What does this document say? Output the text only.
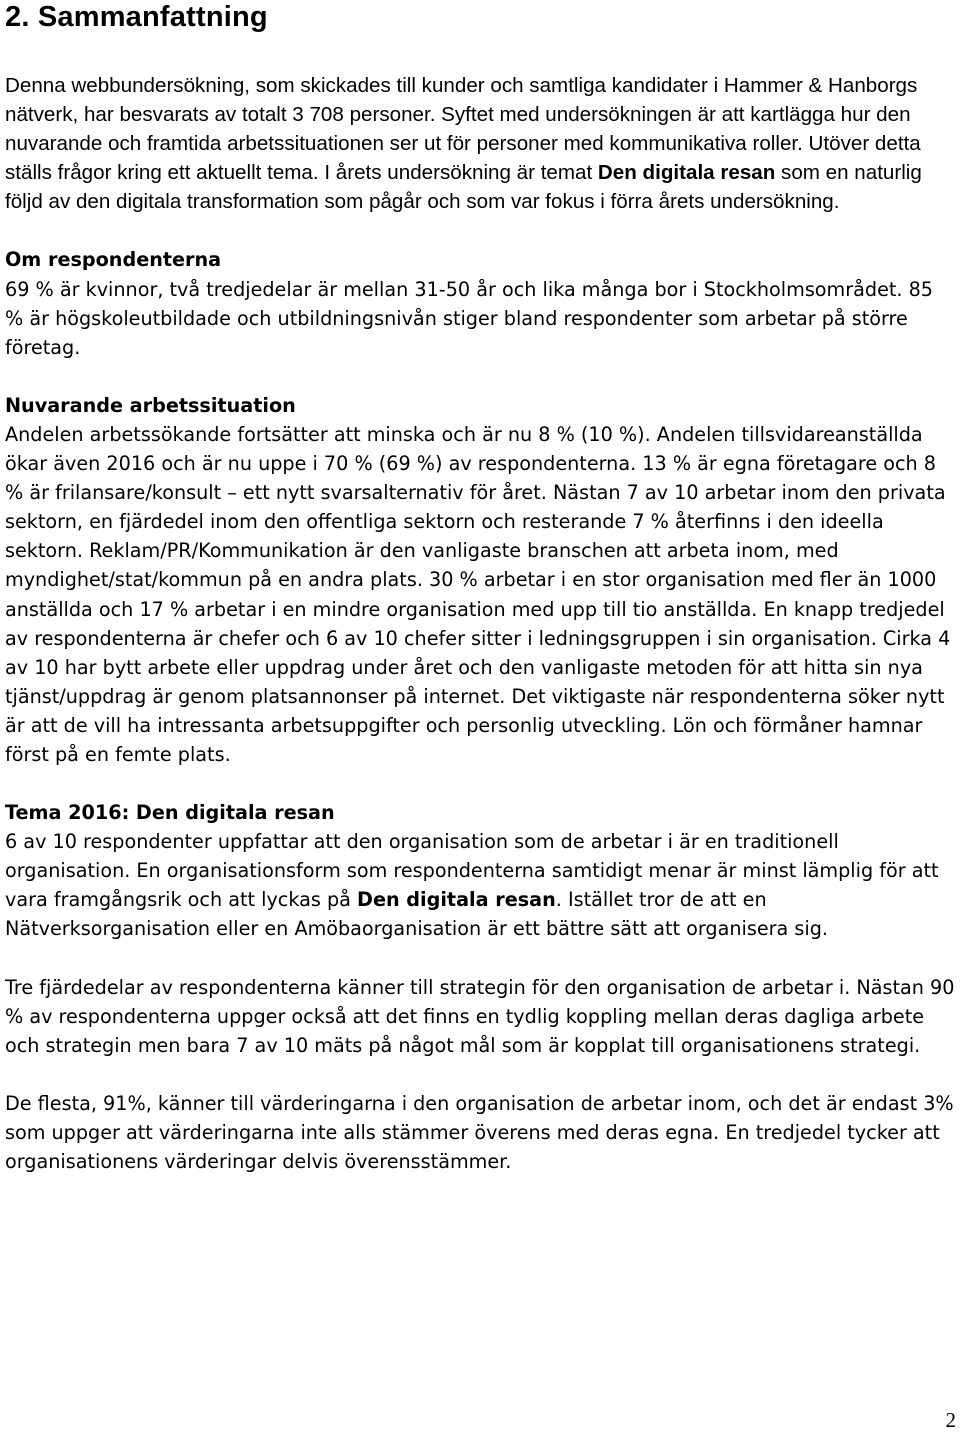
2. Sammanfattning

Denna webbundersökning, som skickades till kunder och samtliga kandidater i Hammer & Hanborgs nätverk, har besvarats av totalt 3 708 personer. Syftet med undersökningen är att kartlägga hur den nuvarande och framtida arbetssituationen ser ut för personer med kommunikativa roller. Utöver detta ställs frågor kring ett aktuellt tema. I årets undersökning är temat Den digitala resan som en naturlig följd av den digitala transformation som pågår och som var fokus i förra årets undersökning.

Om respondenterna

69 % är kvinnor, två tredjedelar är mellan 31-50 år och lika många bor i Stockholmsområdet. 85 % är högskoleutbildade och utbildningsnivån stiger bland respondenter som arbetar på större företag.

Nuvarande arbetssituation

Andelen arbetssökande fortsätter att minska och är nu 8 % (10 %). Andelen tillsvidareanställda ökar även 2016 och är nu uppe i 70 % (69 %) av respondenterna. 13 % är egna företagare och 8 % är frilansare/konsult – ett nytt svarsalternativ för året. Nästan 7 av 10 arbetar inom den privata sektorn, en fjärdedel inom den offentliga sektorn och resterande 7 % återfinns i den ideella sektorn. Reklam/PR/Kommunikation är den vanligaste branschen att arbeta inom, med myndighet/stat/kommun på en andra plats. 30 % arbetar i en stor organisation med fler än 1000 anställda och 17 % arbetar i en mindre organisation med upp till tio anställda. En knapp tredjedel av respondenterna är chefer och 6 av 10 chefer sitter i ledningsgruppen i sin organisation. Cirka 4 av 10 har bytt arbete eller uppdrag under året och den vanligaste metoden för att hitta sin nya tjänst/uppdrag är genom platsannonser på internet. Det viktigaste när respondenterna söker nytt är att de vill ha intressanta arbetsuppgifter och personlig utveckling. Lön och förmåner hamnar först på en femte plats.

Tema 2016: Den digitala resan

6 av 10 respondenter uppfattar att den organisation som de arbetar i är en traditionell organisation. En organisationsform som respondenterna samtidigt menar är minst lämplig för att vara framgångsrik och att lyckas på Den digitala resan. Istället tror de att en Nätverksorganisation eller en Amöbaorganisation är ett bättre sätt att organisera sig.

Tre fjärdedelar av respondenterna känner till strategin för den organisation de arbetar i. Nästan 90 % av respondenterna uppger också att det finns en tydlig koppling mellan deras dagliga arbete och strategin men bara 7 av 10 mäts på något mål som är kopplat till organisationens strategi.

De flesta, 91%, känner till värderingarna i den organisation de arbetar inom, och det är endast 3% som uppger att värderingarna inte alls stämmer överens med deras egna. En tredjedel tycker att organisationens värderingar delvis överensstämmer.

2
